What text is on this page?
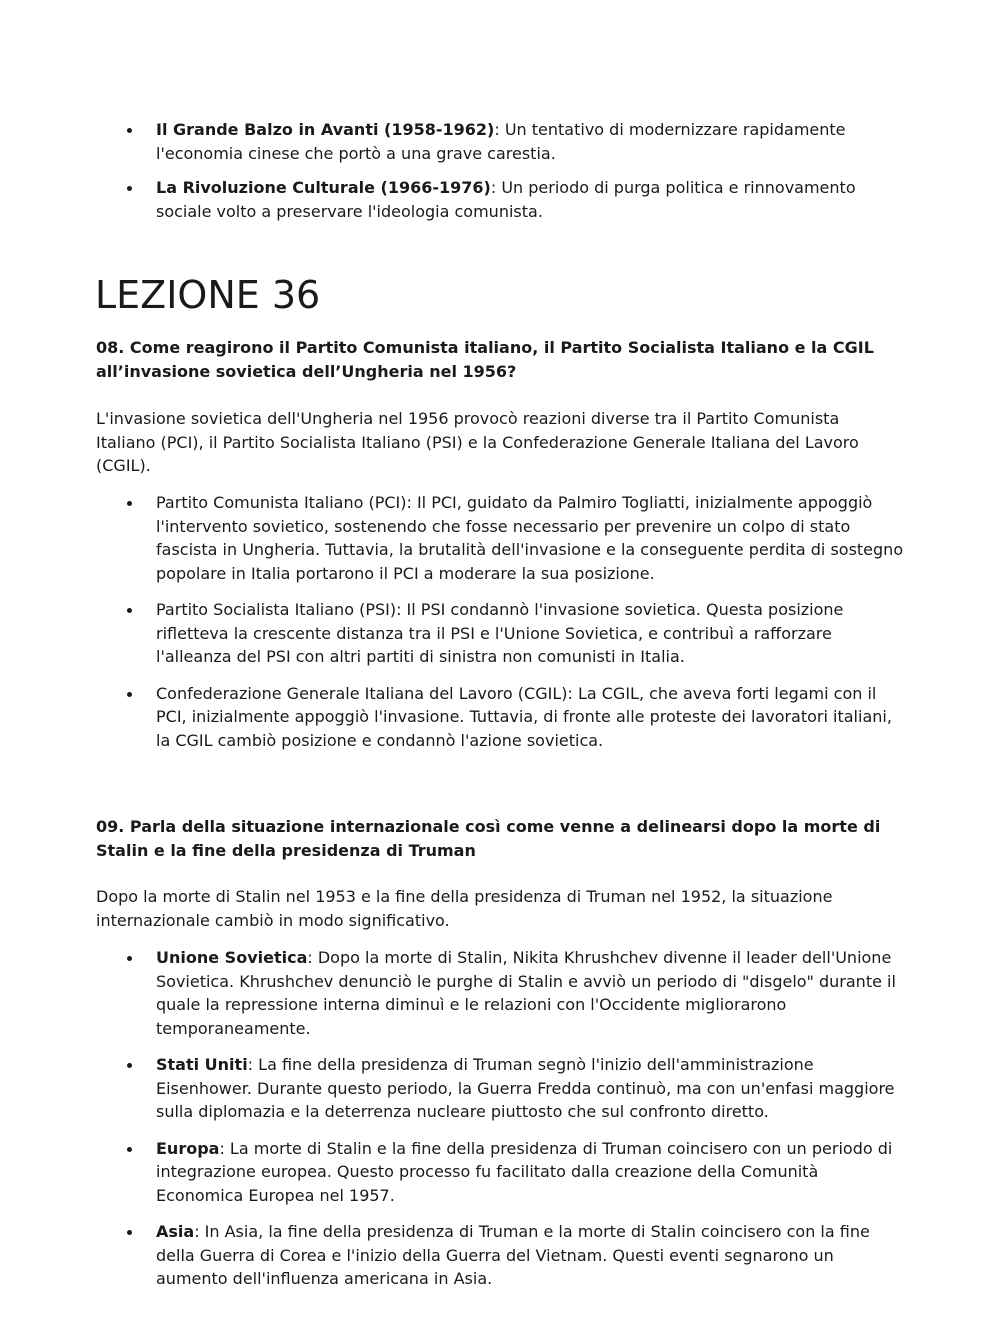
Il Grande Balzo in Avanti (1958-1962): Un tentativo di modernizzare rapidamente l'economia cinese che portò a una grave carestia.
La Rivoluzione Culturale (1966-1976): Un periodo di purga politica e rinnovamento sociale volto a preservare l'ideologia comunista.
LEZIONE 36

08. Come reagirono il Partito Comunista italiano, il Partito Socialista Italiano e la CGIL all’invasione sovietica dell’Ungheria nel 1956?

L'invasione sovietica dell'Ungheria nel 1956 provocò reazioni diverse tra il Partito Comunista Italiano (PCI), il Partito Socialista Italiano (PSI) e la Confederazione Generale Italiana del Lavoro (CGIL).

Partito Comunista Italiano (PCI): Il PCI, guidato da Palmiro Togliatti, inizialmente appoggiò l'intervento sovietico, sostenendo che fosse necessario per prevenire un colpo di stato fascista in Ungheria. Tuttavia, la brutalità dell'invasione e la conseguente perdita di sostegno popolare in Italia portarono il PCI a moderare la sua posizione.
Partito Socialista Italiano (PSI): Il PSI condannò l'invasione sovietica. Questa posizione rifletteva la crescente distanza tra il PSI e l'Unione Sovietica, e contribuì a rafforzare l'alleanza del PSI con altri partiti di sinistra non comunisti in Italia.
Confederazione Generale Italiana del Lavoro (CGIL): La CGIL, che aveva forti legami con il PCI, inizialmente appoggiò l'invasione. Tuttavia, di fronte alle proteste dei lavoratori italiani, la CGIL cambiò posizione e condannò l'azione sovietica.

09. Parla della situazione internazionale così come venne a delinearsi dopo la morte di Stalin e la fine della presidenza di Truman

Dopo la morte di Stalin nel 1953 e la fine della presidenza di Truman nel 1952, la situazione internazionale cambiò in modo significativo.

Unione Sovietica: Dopo la morte di Stalin, Nikita Khrushchev divenne il leader dell'Unione Sovietica. Khrushchev denunciò le purghe di Stalin e avviò un periodo di "disgelo" durante il quale la repressione interna diminuì e le relazioni con l'Occidente migliorarono temporaneamente.
Stati Uniti: La fine della presidenza di Truman segnò l'inizio dell'amministrazione Eisenhower. Durante questo periodo, la Guerra Fredda continuò, ma con un'enfasi maggiore sulla diplomazia e la deterrenza nucleare piuttosto che sul confronto diretto.
Europa: La morte di Stalin e la fine della presidenza di Truman coincisero con un periodo di integrazione europea. Questo processo fu facilitato dalla creazione della Comunità Economica Europea nel 1957.
Asia: In Asia, la fine della presidenza di Truman e la morte di Stalin coincisero con la fine della Guerra di Corea e l'inizio della Guerra del Vietnam. Questi eventi segnarono un aumento dell'influenza americana in Asia.
